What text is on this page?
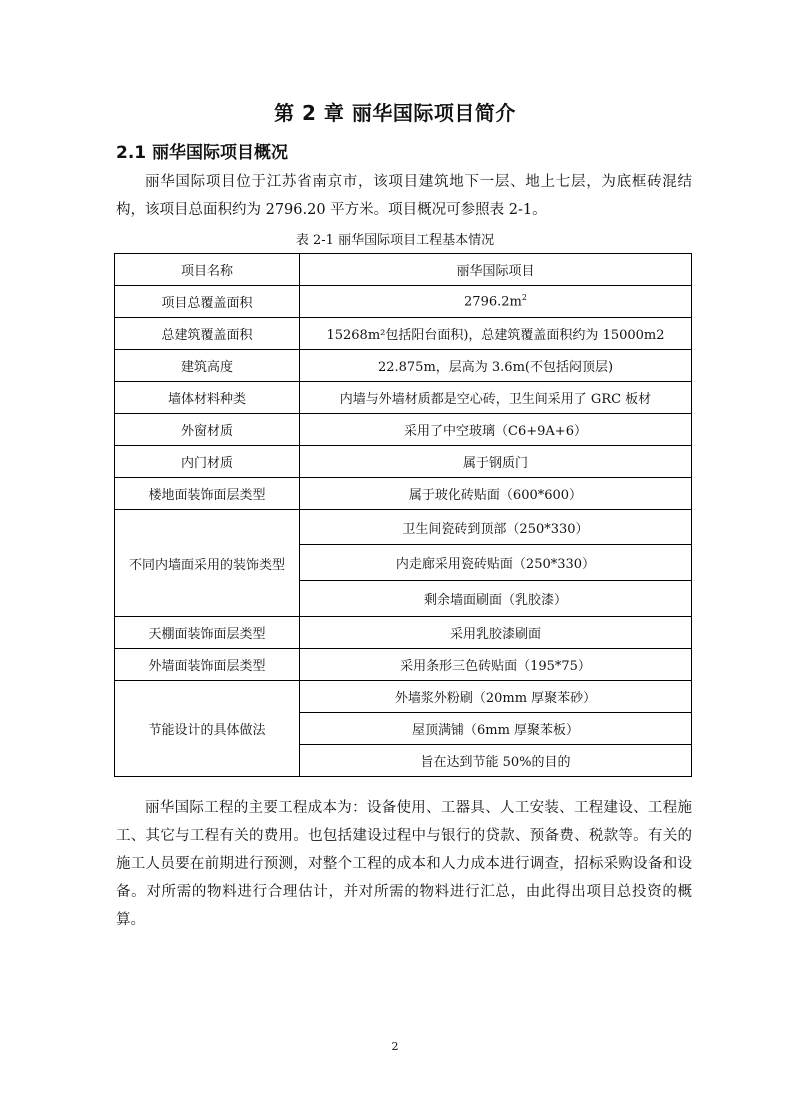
第 2 章 丽华国际项目简介
2.1 丽华国际项目概况

丽华国际项目位于江苏省南京市，该项目建筑地下一层、地上七层，为底框砖混结构，该项目总面积约为 2796.20 平方米。项目概况可参照表 2-1。

表 2-1 丽华国际项目工程基本情况
项目名称	丽华国际项目
项目总覆盖面积	$2796.2m^2$
总建筑覆盖面积	15268m²包括阳台面积)，总建筑覆盖面积约为 15000m2
建筑高度	22.875m，层高为 3.6m(不包括闷顶层)
墙体材料种类	内墙与外墙材质都是空心砖，卫生间采用了 GRC 板材
外窗材质	采用了中空玻璃（C6+9A+6）
内门材质	属于钢质门
楼地面装饰面层类型	属于玻化砖贴面（600*600）
不同内墙面采用的装饰类型	卫生间瓷砖到顶部（250*330）
	内走廊采用瓷砖贴面（250*330）
	剩余墙面刷面（乳胶漆）
天棚面装饰面层类型	采用乳胶漆刷面
外墙面装饰面层类型	采用条形三色砖贴面（195*75）
节能设计的具体做法	外墙浆外粉刷（20mm 厚聚苯砂）
	屋顶满铺（6mm 厚聚苯板）
	旨在达到节能 50%的目的

丽华国际工程的主要工程成本为：设备使用、工器具、人工安装、工程建设、工程施工、其它与工程有关的费用。也包括建设过程中与银行的贷款、预备费、税款等。有关的施工人员要在前期进行预测，对整个工程的成本和人力成本进行调查，招标采购设备和设备。对所需的物料进行合理估计，并对所需的物料进行汇总，由此得出项目总投资的概算。

2
